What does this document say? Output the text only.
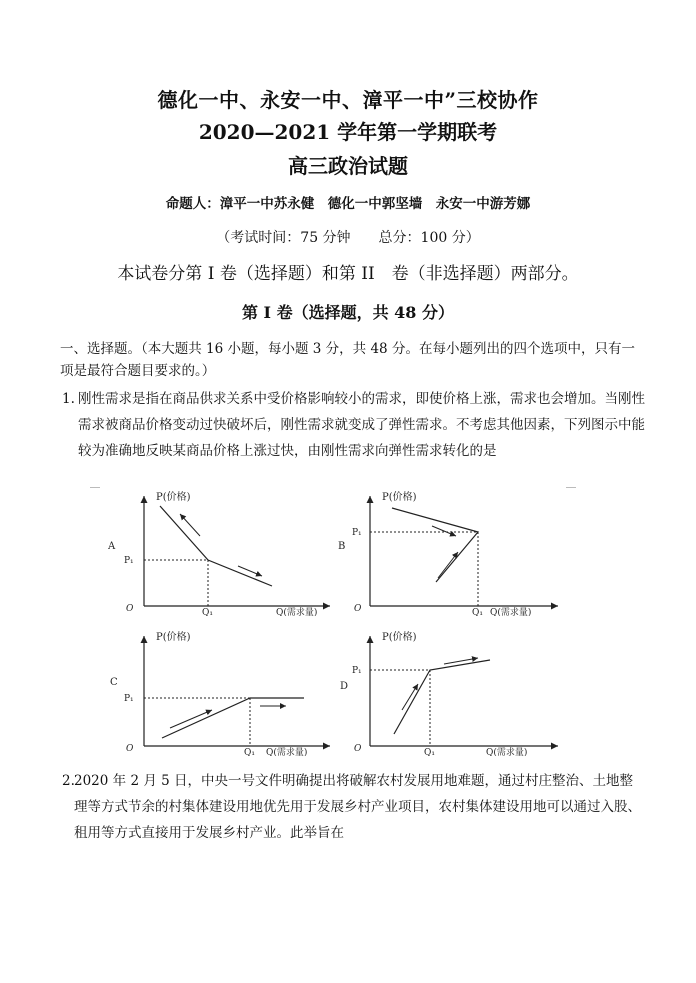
德化一中、永安一中、漳平一中”三校协作
2020—2021 学年第一学期联考
高三政治试题
命题人：漳平一中苏永健　德化一中郭坚墙　永安一中游芳娜
（考试时间：75 分钟　　总分：100 分）
本试卷分第 I 卷（选择题）和第 II　卷（非选择题）两部分。
第 I 卷（选择题，共 48 分）
一、选择题。（本大题共 16 小题，每小题 3 分，共 48 分。在每小题列出的四个选项中，只有一项是最符合题目要求的。）
1. 刚性需求是指在商品供求关系中受价格影响较小的需求，即使价格上涨，需求也会增加。当刚性需求被商品价格变动过快破坏后，刚性需求就变成了弹性需求。不考虑其他因素，下列图示中能较为准确地反映某商品价格上涨过快，由刚性需求向弹性需求转化的是
P(价格)
A
P₁
O	Q₁	Q(需求量)
P(价格)
B
P₁
O	Q₁ Q(需求量)
P(价格)
C
P₁
O	Q₁ Q(需求量)
P(价格)
D
P₁
O	Q₁	Q(需求量)
2. 2020 年 2 月 5 日，中央一号文件明确提出将破解农村发展用地难题，通过村庄整治、土地整理等方式节余的村集体建设用地优先用于发展乡村产业项目，农村集体建设用地可以通过入股、租用等方式直接用于发展乡村产业。此举旨在
